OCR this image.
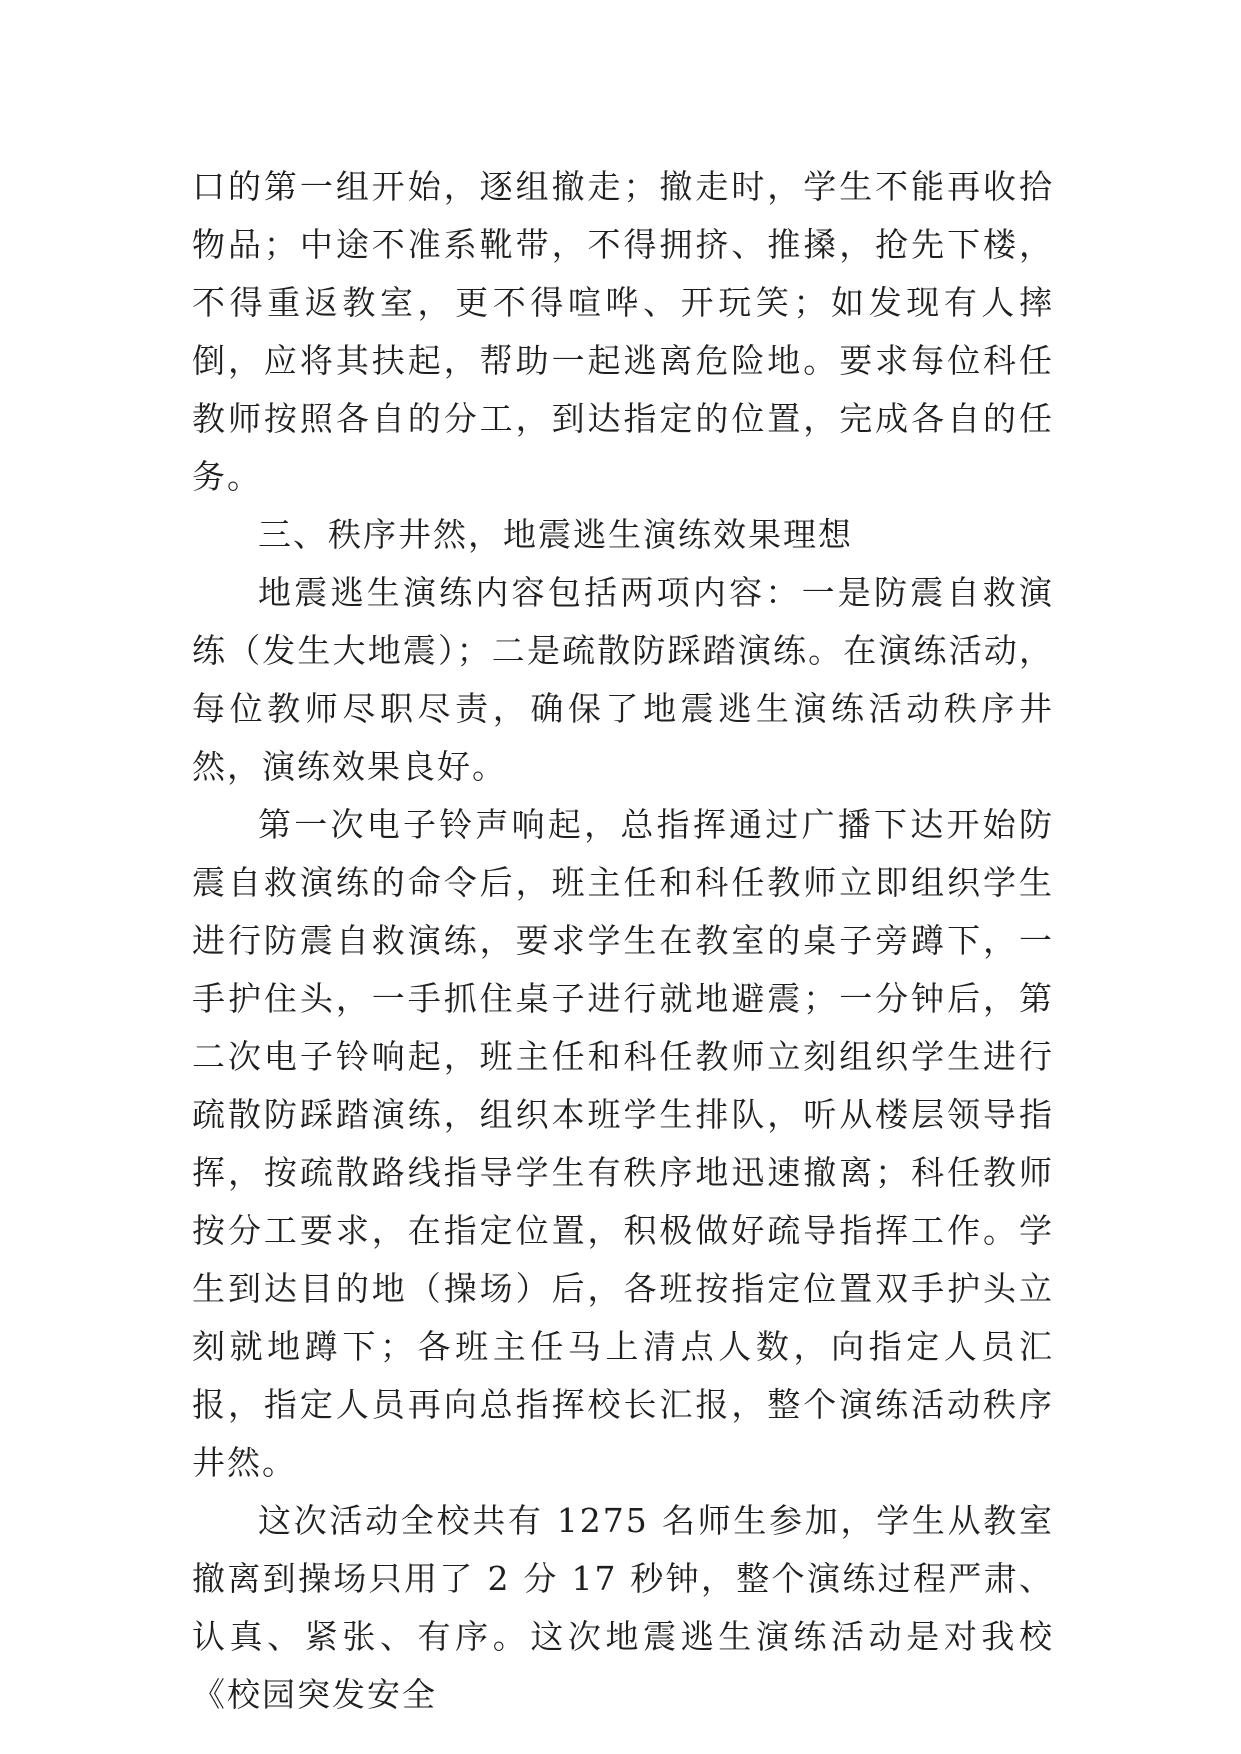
口的第一组开始，逐组撤走；撤走时，学生不能再收拾物品；中途不准系靴带，不得拥挤、推搡，抢先下楼，不得重返教室，更不得喧哗、开玩笑；如发现有人摔倒，应将其扶起，帮助一起逃离危险地。要求每位科任教师按照各自的分工，到达指定的位置，完成各自的任务。

三、秩序井然，地震逃生演练效果理想

地震逃生演练内容包括两项内容：一是防震自救演练（发生大地震）；二是疏散防踩踏演练。在演练活动，每位教师尽职尽责，确保了地震逃生演练活动秩序井然，演练效果良好。

第一次电子铃声响起，总指挥通过广播下达开始防震自救演练的命令后，班主任和科任教师立即组织学生进行防震自救演练，要求学生在教室的桌子旁蹲下，一手护住头，一手抓住桌子进行就地避震；一分钟后，第二次电子铃响起，班主任和科任教师立刻组织学生进行疏散防踩踏演练，组织本班学生排队，听从楼层领导指挥，按疏散路线指导学生有秩序地迅速撤离；科任教师按分工要求，在指定位置，积极做好疏导指挥工作。学生到达目的地（操场）后，各班按指定位置双手护头立刻就地蹲下；各班主任马上清点人数，向指定人员汇报，指定人员再向总指挥校长汇报，整个演练活动秩序井然。

这次活动全校共有 1275 名师生参加，学生从教室撤离到操场只用了 2 分 17 秒钟，整个演练过程严肃、认真、紧张、有序。这次地震逃生演练活动是对我校《校园突发安全
